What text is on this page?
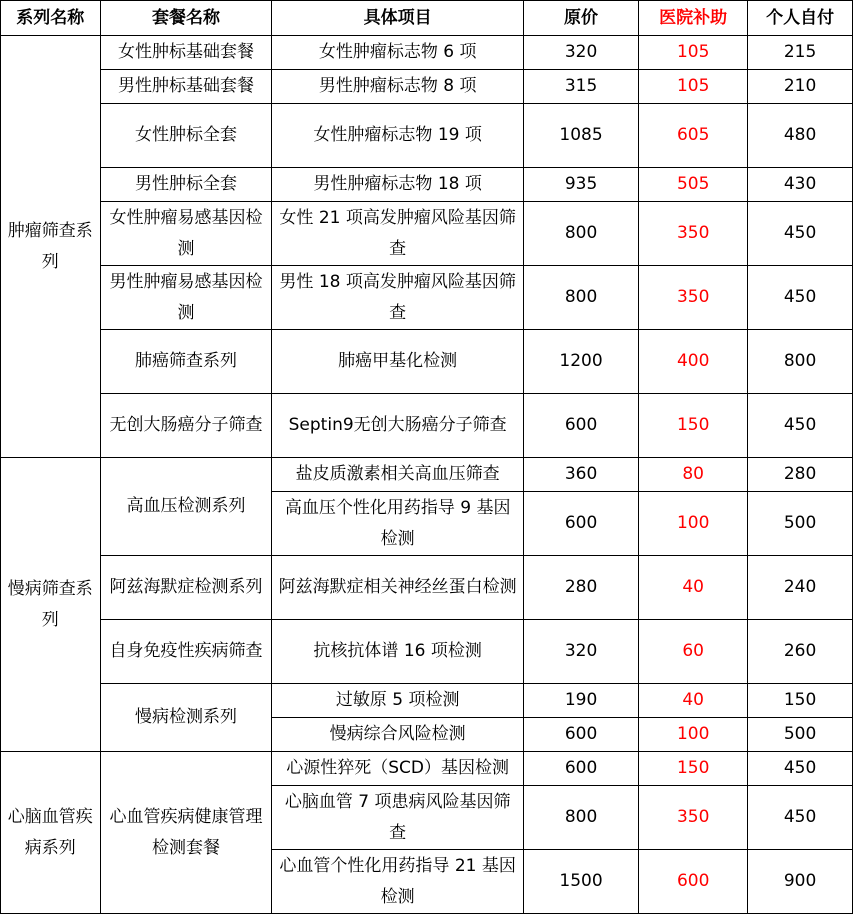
系列名称	套餐名称	具体项目	原价	医院补助	个人自付
肿瘤筛查系列	女性肿标基础套餐	女性肿瘤标志物 6 项	320	105	215
	男性肿标基础套餐	男性肿瘤标志物 8 项	315	105	210
	女性肿标全套	女性肿瘤标志物 19 项	1085	605	480
	男性肿标全套	男性肿瘤标志物 18 项	935	505	430
	女性肿瘤易感基因检测	女性 21 项高发肿瘤风险基因筛查	800	350	450
	男性肿瘤易感基因检测	男性 18 项高发肿瘤风险基因筛查	800	350	450
	肺癌筛查系列	肺癌甲基化检测	1200	400	800
	无创大肠癌分子筛查	Septin9无创大肠癌分子筛查	600	150	450
慢病筛查系列	高血压检测系列	盐皮质激素相关高血压筛查	360	80	280
		高血压个性化用药指导 9 基因检测	600	100	500
	阿兹海默症检测系列	阿兹海默症相关神经丝蛋白检测	280	40	240
	自身免疫性疾病筛查	抗核抗体谱 16 项检测	320	60	260
	慢病检测系列	过敏原 5 项检测	190	40	150
		慢病综合风险检测	600	100	500
心脑血管疾病系列	心血管疾病健康管理检测套餐	心源性猝死（SCD）基因检测	600	150	450
		心脑血管 7 项患病风险基因筛查	800	350	450
		心血管个性化用药指导 21 基因检测	1500	600	900
